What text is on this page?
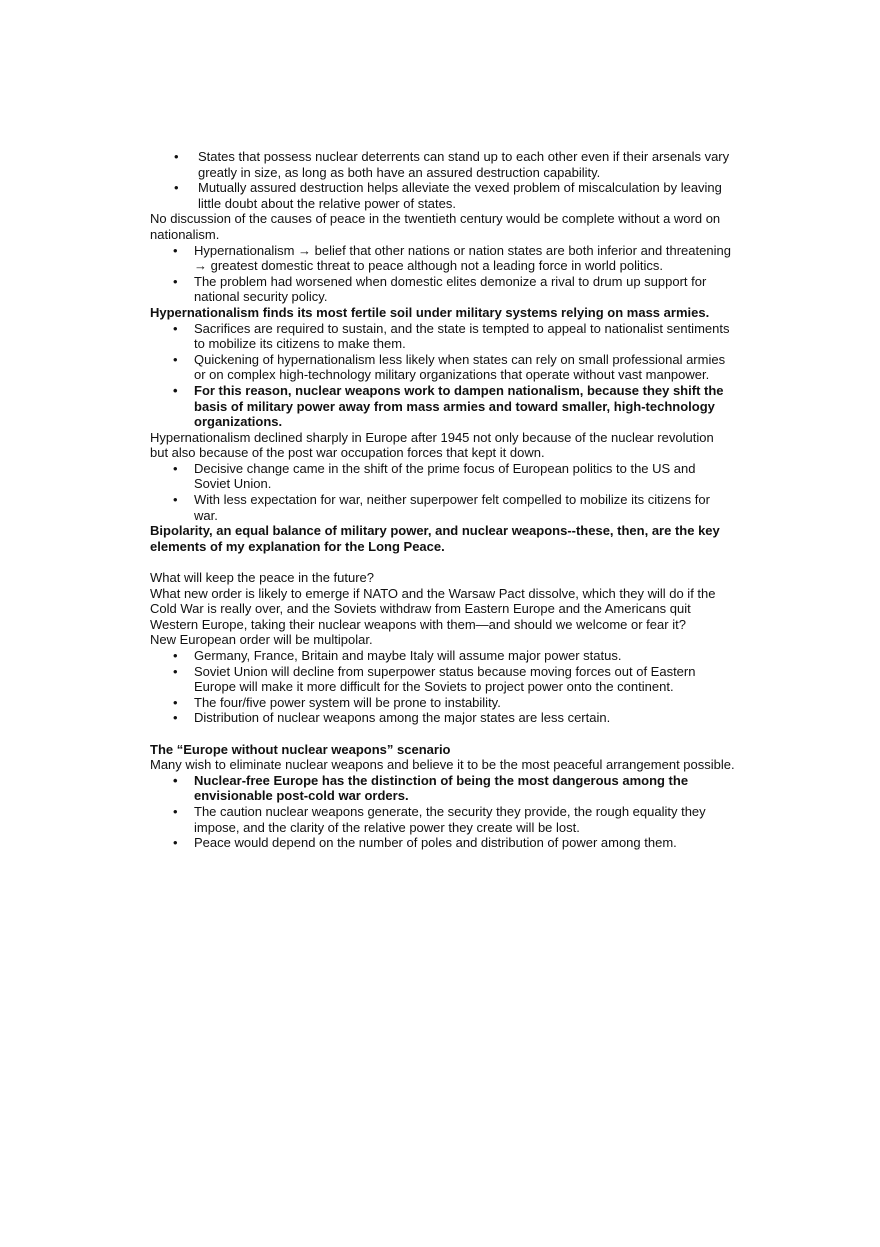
• States that possess nuclear deterrents can stand up to each other even if their arsenals vary greatly in size, as long as both have an assured destruction capability.
• Mutually assured destruction helps alleviate the vexed problem of miscalculation by leaving little doubt about the relative power of states.

No discussion of the causes of peace in the twentieth century would be complete without a word on nationalism.

• Hypernationalism → belief that other nations or nation states are both inferior and threatening → greatest domestic threat to peace although not a leading force in world politics.
• The problem had worsened when domestic elites demonize a rival to drum up support for national security policy.

Hypernationalism finds its most fertile soil under military systems relying on mass armies.

• Sacrifices are required to sustain, and the state is tempted to appeal to nationalist sentiments to mobilize its citizens to make them.
• Quickening of hypernationalism less likely when states can rely on small professional armies or on complex high-technology military organizations that operate without vast manpower.
• For this reason, nuclear weapons work to dampen nationalism, because they shift the basis of military power away from mass armies and toward smaller, high-technology organizations.

Hypernationalism declined sharply in Europe after 1945 not only because of the nuclear revolution but also because of the post war occupation forces that kept it down.

• Decisive change came in the shift of the prime focus of European politics to the US and Soviet Union.
• With less expectation for war, neither superpower felt compelled to mobilize its citizens for war.

Bipolarity, an equal balance of military power, and nuclear weapons--these, then, are the key elements of my explanation for the Long Peace.

What will keep the peace in the future?

What new order is likely to emerge if NATO and the Warsaw Pact dissolve, which they will do if the Cold War is really over, and the Soviets withdraw from Eastern Europe and the Americans quit Western Europe, taking their nuclear weapons with them—and should we welcome or fear it?

New European order will be multipolar.

• Germany, France, Britain and maybe Italy will assume major power status.
• Soviet Union will decline from superpower status because moving forces out of Eastern Europe will make it more difficult for the Soviets to project power onto the continent.
• The four/five power system will be prone to instability.
• Distribution of nuclear weapons among the major states are less certain.

The “Europe without nuclear weapons” scenario

Many wish to eliminate nuclear weapons and believe it to be the most peaceful arrangement possible.

• Nuclear-free Europe has the distinction of being the most dangerous among the envisionable post-cold war orders.
• The caution nuclear weapons generate, the security they provide, the rough equality they impose, and the clarity of the relative power they create will be lost.
• Peace would depend on the number of poles and distribution of power among them.
